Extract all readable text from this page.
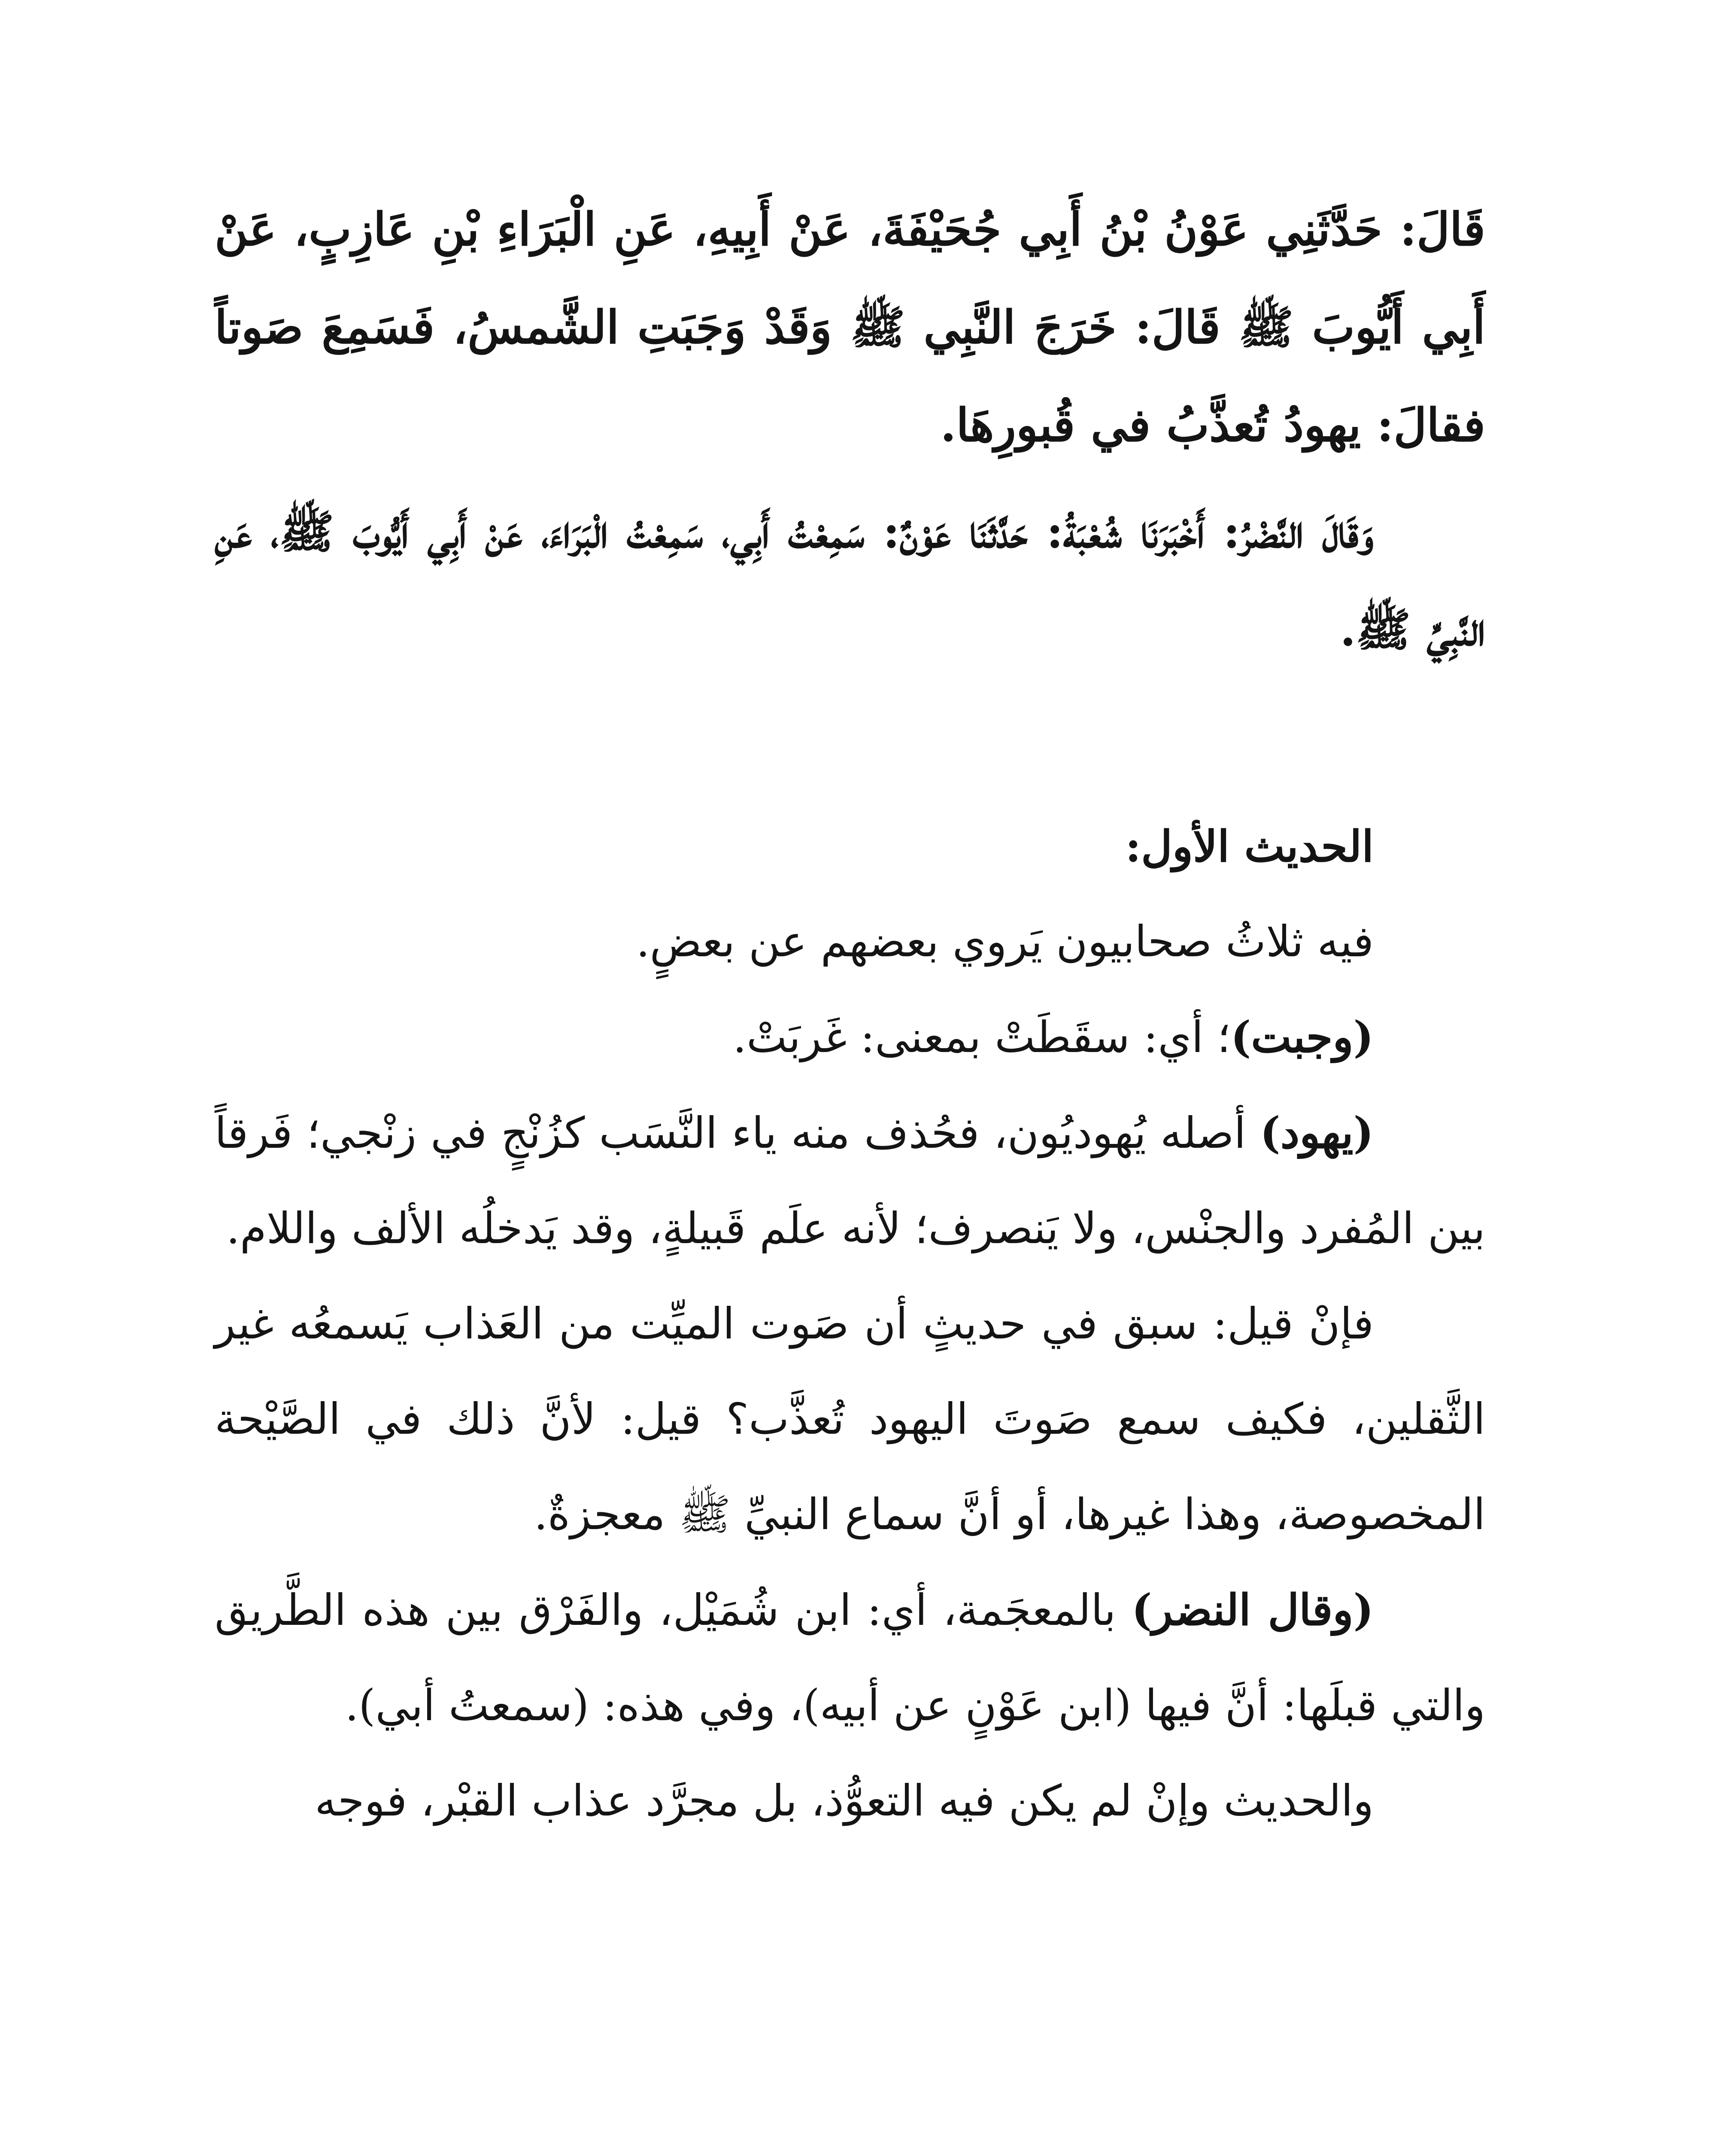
قَالَ: حَدَّثَنِي عَوْنُ بْنُ أَبِي جُحَيْفَةَ، عَنْ أَبِيهِ، عَنِ الْبَرَاءِ بْنِ عَازِبٍ، عَنْ أَبِي أَيُّوبَ ﷺ قَالَ: خَرَجَ النَّبِي ﷺ وَقَدْ وَجَبَتِ الشَّمسُ، فَسَمِعَ صَوتاً فقالَ: يهودُ تُعذَّبُ في قُبورِهَا.

وَقَالَ النَّضْرُ: أَخْبَرَنَا شُعْبَةُ: حَدَّثَنَا عَوْنٌ: سَمِعْتُ أَبِي، سَمِعْتُ الْبَرَاءَ، عَنْ أَبِي أَيُّوبَ ﷺ، عَنِ النَّبِيِّ ﷺ.

الحديث الأول:

فيه ثلاثُ صحابيون يَروي بعضهم عن بعضٍ.

(وجبت)؛ أي: سقَطَتْ بمعنى: غَربَتْ.

(يهود) أصله يُهوديُون، فحُذف منه ياء النَّسَب كزُنْجٍ في زنْجي؛ فَرقاً بين المُفرد والجنْس، ولا يَنصرف؛ لأنه علَم قَبيلةٍ، وقد يَدخلُه الألف واللام.

فإنْ قيل: سبق في حديثٍ أن صَوت الميِّت من العَذاب يَسمعُه غير الثَّقلين، فكيف سمع صَوتَ اليهود تُعذَّب؟ قيل: لأنَّ ذلك في الصَّيْحة المخصوصة، وهذا غيرها، أو أنَّ سماع النبيِّ ﷺ معجزةٌ.

(وقال النضر) بالمعجَمة، أي: ابن شُمَيْل، والفَرْق بين هذه الطَّريق والتي قبلَها: أنَّ فيها (ابن عَوْنٍ عن أبيه)، وفي هذه: (سمعتُ أبي).

والحديث وإنْ لم يكن فيه التعوُّذ، بل مجرَّد عذاب القبْر، فوجه
